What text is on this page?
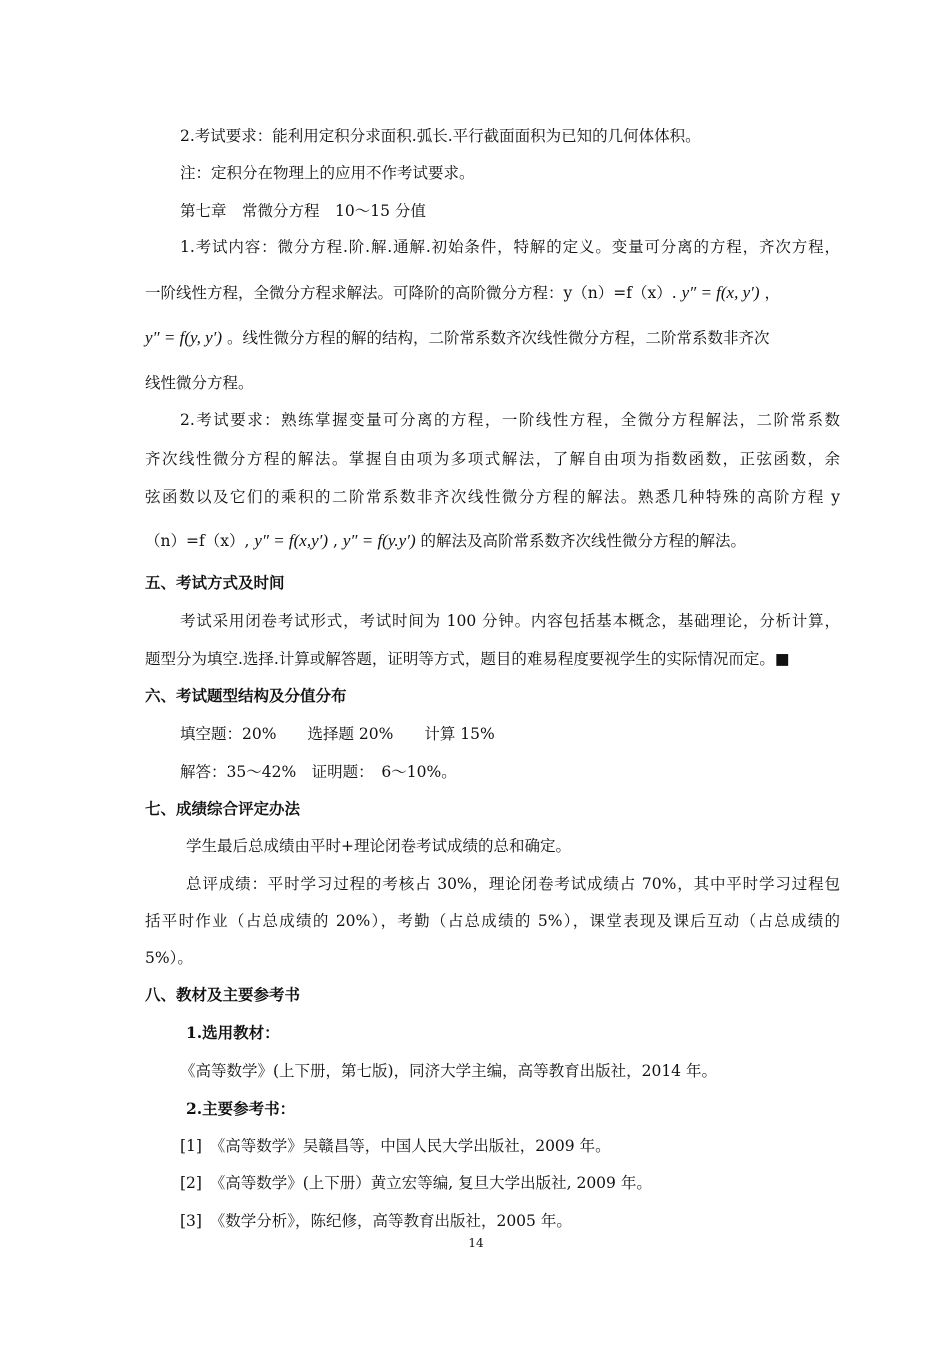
2.考试要求：能利用定积分求面积.弧长.平行截面面积为已知的几何体体积。
注：定积分在物理上的应用不作考试要求。
第七章　常微分方程　10～15 分值
1.考试内容：微分方程.阶.解.通解.初始条件，特解的定义。变量可分离的方程，齐次方程，
一阶线性方程，全微分方程求解法。可降阶的高阶微分方程：y（n）=f（x）. y″ = f(x, y′) ，
y″ = f(y, y′) 。线性微分方程的解的结构，二阶常系数齐次线性微分方程，二阶常系数非齐次
线性微分方程。
2.考试要求：熟练掌握变量可分离的方程，一阶线性方程，全微分方程解法，二阶常系数
齐次线性微分方程的解法。掌握自由项为多项式解法，了解自由项为指数函数，正弦函数，余
弦函数以及它们的乘积的二阶常系数非齐次线性微分方程的解法。熟悉几种特殊的高阶方程 y
（n）=f（x）, y″ = f(x,y′) , y″ = f(y.y′) 的解法及高阶常系数齐次线性微分方程的解法。
五、考试方式及时间
考试采用闭卷考试形式，考试时间为 100 分钟。内容包括基本概念，基础理论，分析计算，
题型分为填空.选择.计算或解答题，证明等方式，题目的难易程度要视学生的实际情况而定。■
六、考试题型结构及分值分布
填空题：20%　　选择题 20%　　计算 15%
解答：35～42%　证明题：　6～10%。
七、成绩综合评定办法
学生最后总成绩由平时+理论闭卷考试成绩的总和确定。
总评成绩：平时学习过程的考核占 30%，理论闭卷考试成绩占 70%，其中平时学习过程包
括平时作业（占总成绩的 20%），考勤（占总成绩的 5%），课堂表现及课后互动（占总成绩的
5%）。
八、教材及主要参考书
1.选用教材：
《高等数学》(上下册，第七版)，同济大学主编，高等教育出版社，2014 年。
2.主要参考书：
[1]　《高等数学》吴赣昌等，中国人民大学出版社，2009 年。
[2]　《高等数学》(上下册）黄立宏等编, 复旦大学出版社, 2009 年。
[3]　《数学分析》，陈纪修，高等教育出版社，2005 年。
14
